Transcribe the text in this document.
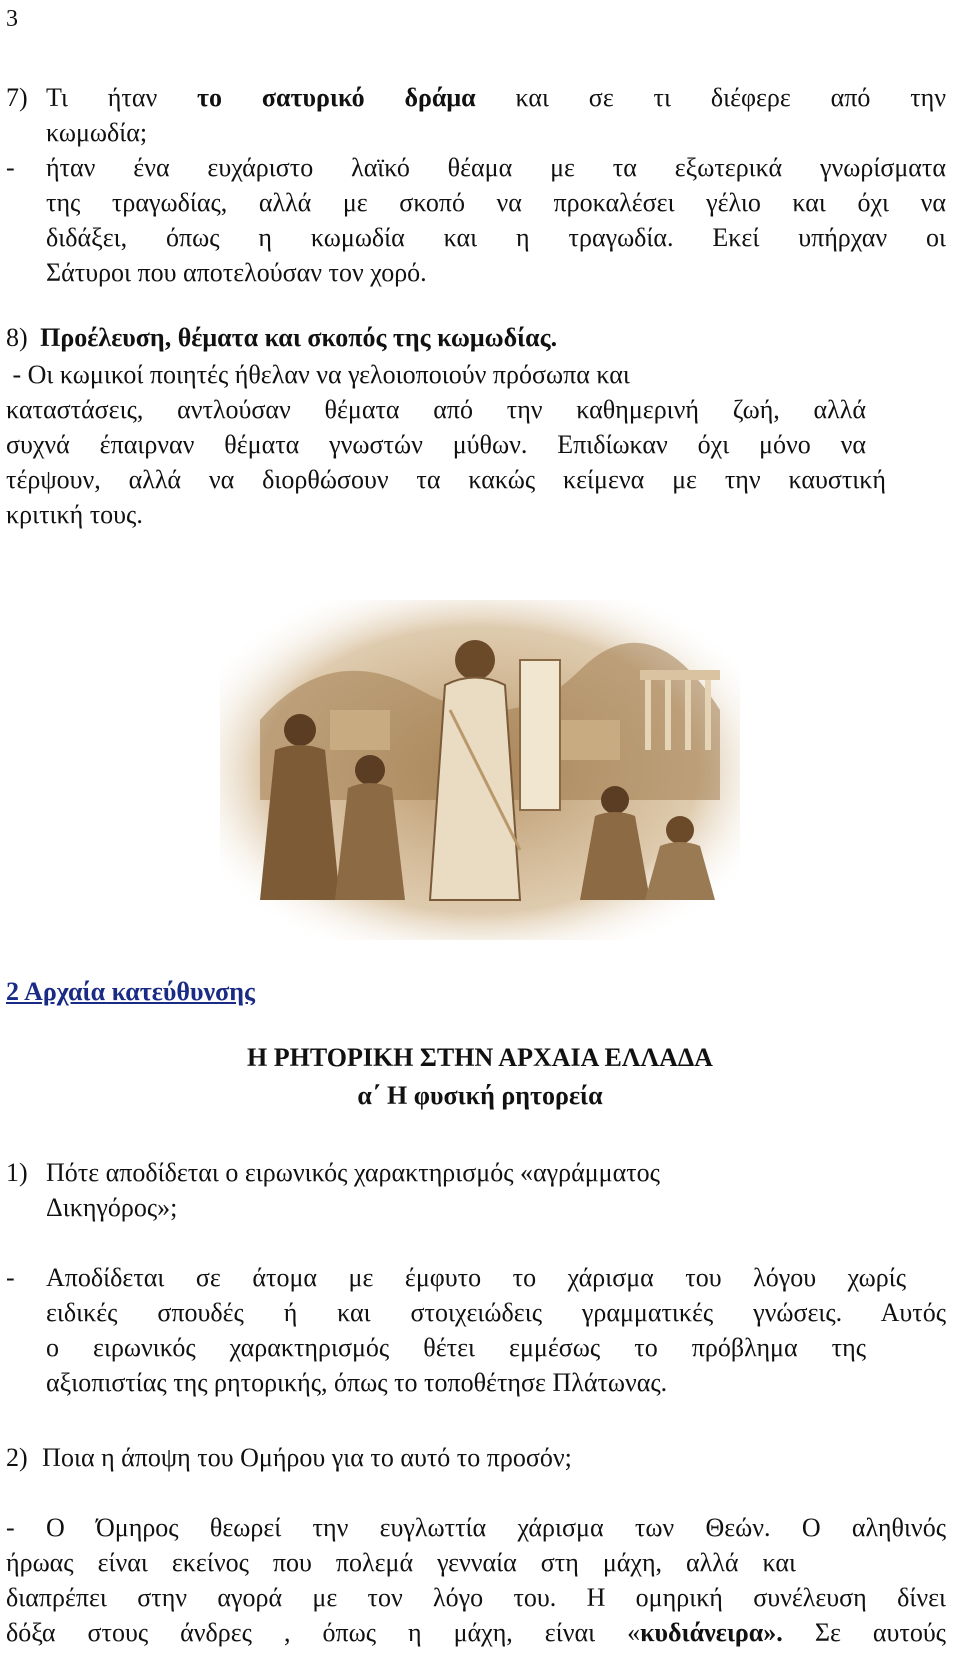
3
7) Τι ήταν το σατυρικό δράμα και σε τι διέφερε από την
κωμωδία;
- ήταν ένα ευχάριστο λαϊκό θέαμα με τα εξωτερικά γνωρίσματα
της τραγωδίας, αλλά με σκοπό να προκαλέσει γέλιο και όχι να
διδάξει, όπως η κωμωδία και η τραγωδία. Εκεί υπήρχαν οι
Σάτυροι που αποτελούσαν τον χορό.
8) Προέλευση, θέματα και σκοπός της κωμωδίας.
- Οι κωμικοί ποιητές ήθελαν να γελοιοποιούν πρόσωπα και
καταστάσεις, αντλούσαν θέματα από την καθημερινή ζωή, αλλά
συχνά έπαιρναν θέματα γνωστών μύθων. Επιδίωκαν όχι μόνο να
τέρψουν, αλλά να διορθώσουν τα κακώς κείμενα με την καυστική
κριτική τους.
2 Αρχαία κατεύθυνσης
Η ΡΗΤΟΡΙΚΗ ΣΤΗΝ ΑΡΧΑΙΑ ΕΛΛΑΔΑ
α΄ Η φυσική ρητορεία
1) Πότε αποδίδεται ο ειρωνικός χαρακτηρισμός «αγράμματος
Δικηγόρος»;
- Αποδίδεται σε άτομα με έμφυτο το χάρισμα του λόγου χωρίς
ειδικές σπουδές ή και στοιχειώδεις γραμματικές γνώσεις. Αυτός
ο ειρωνικός χαρακτηρισμός θέτει εμμέσως το πρόβλημα της
αξιοπιστίας της ρητορικής, όπως το τοποθέτησε Πλάτωνας.
2) Ποια η άποψη του Ομήρου για το αυτό το προσόν;
- Ο Όμηρος θεωρεί την ευγλωττία χάρισμα των Θεών. Ο αληθινός
ήρωας είναι εκείνος που πολεμά γενναία στη μάχη, αλλά και
διαπρέπει στην αγορά με τον λόγο του. Η ομηρική συνέλευση δίνει
δόξα στους άνδρες , όπως η μάχη, είναι «κυδιάνειρα». Σε αυτούς
